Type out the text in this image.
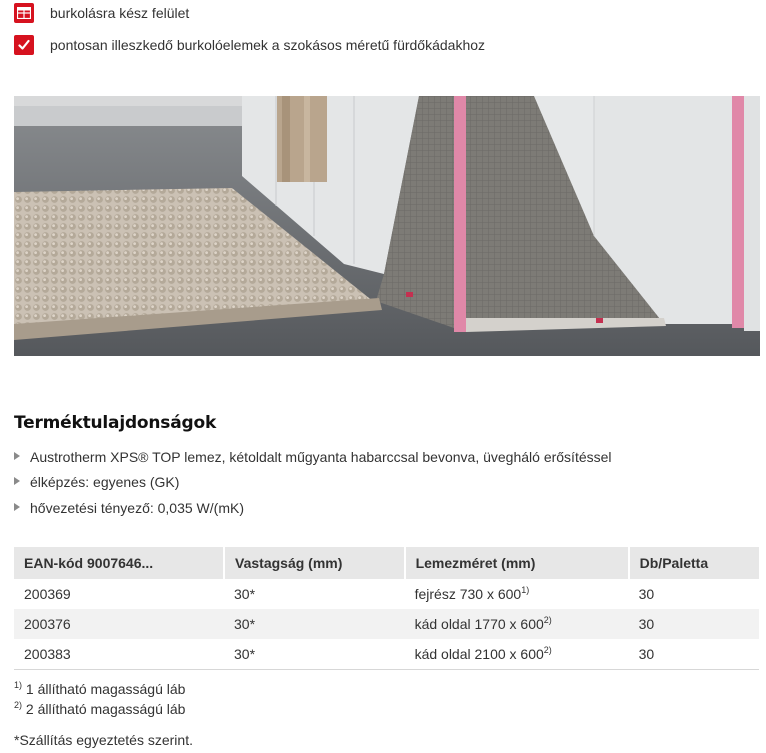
burkolásra kész felület
pontosan illeszkedő burkolóelemek a szokásos méretű fürdőkádakhoz
Terméktulajdonságok
Austrotherm XPS® TOP lemez, kétoldalt műgyanta habarccsal bevonva, üvegháló erősítéssel
élképzés: egyenes (GK)
hővezetési tényező: 0,035 W/(mK)
EAN-kód 9007646...	Vastagság (mm)	Lemezméret (mm)	Db/Paletta
200369	30*	fejrész 730 x 600$^{1)}$	30
200376	30*	kád oldal 1770 x 600$^{2)}$	30
200383	30*	kád oldal 2100 x 600$^{2)}$	30
$^{1)}$ 1 állítható magasságú láb
$^{2)}$ 2 állítható magasságú láb
*Szállítás egyeztetés szerint.
